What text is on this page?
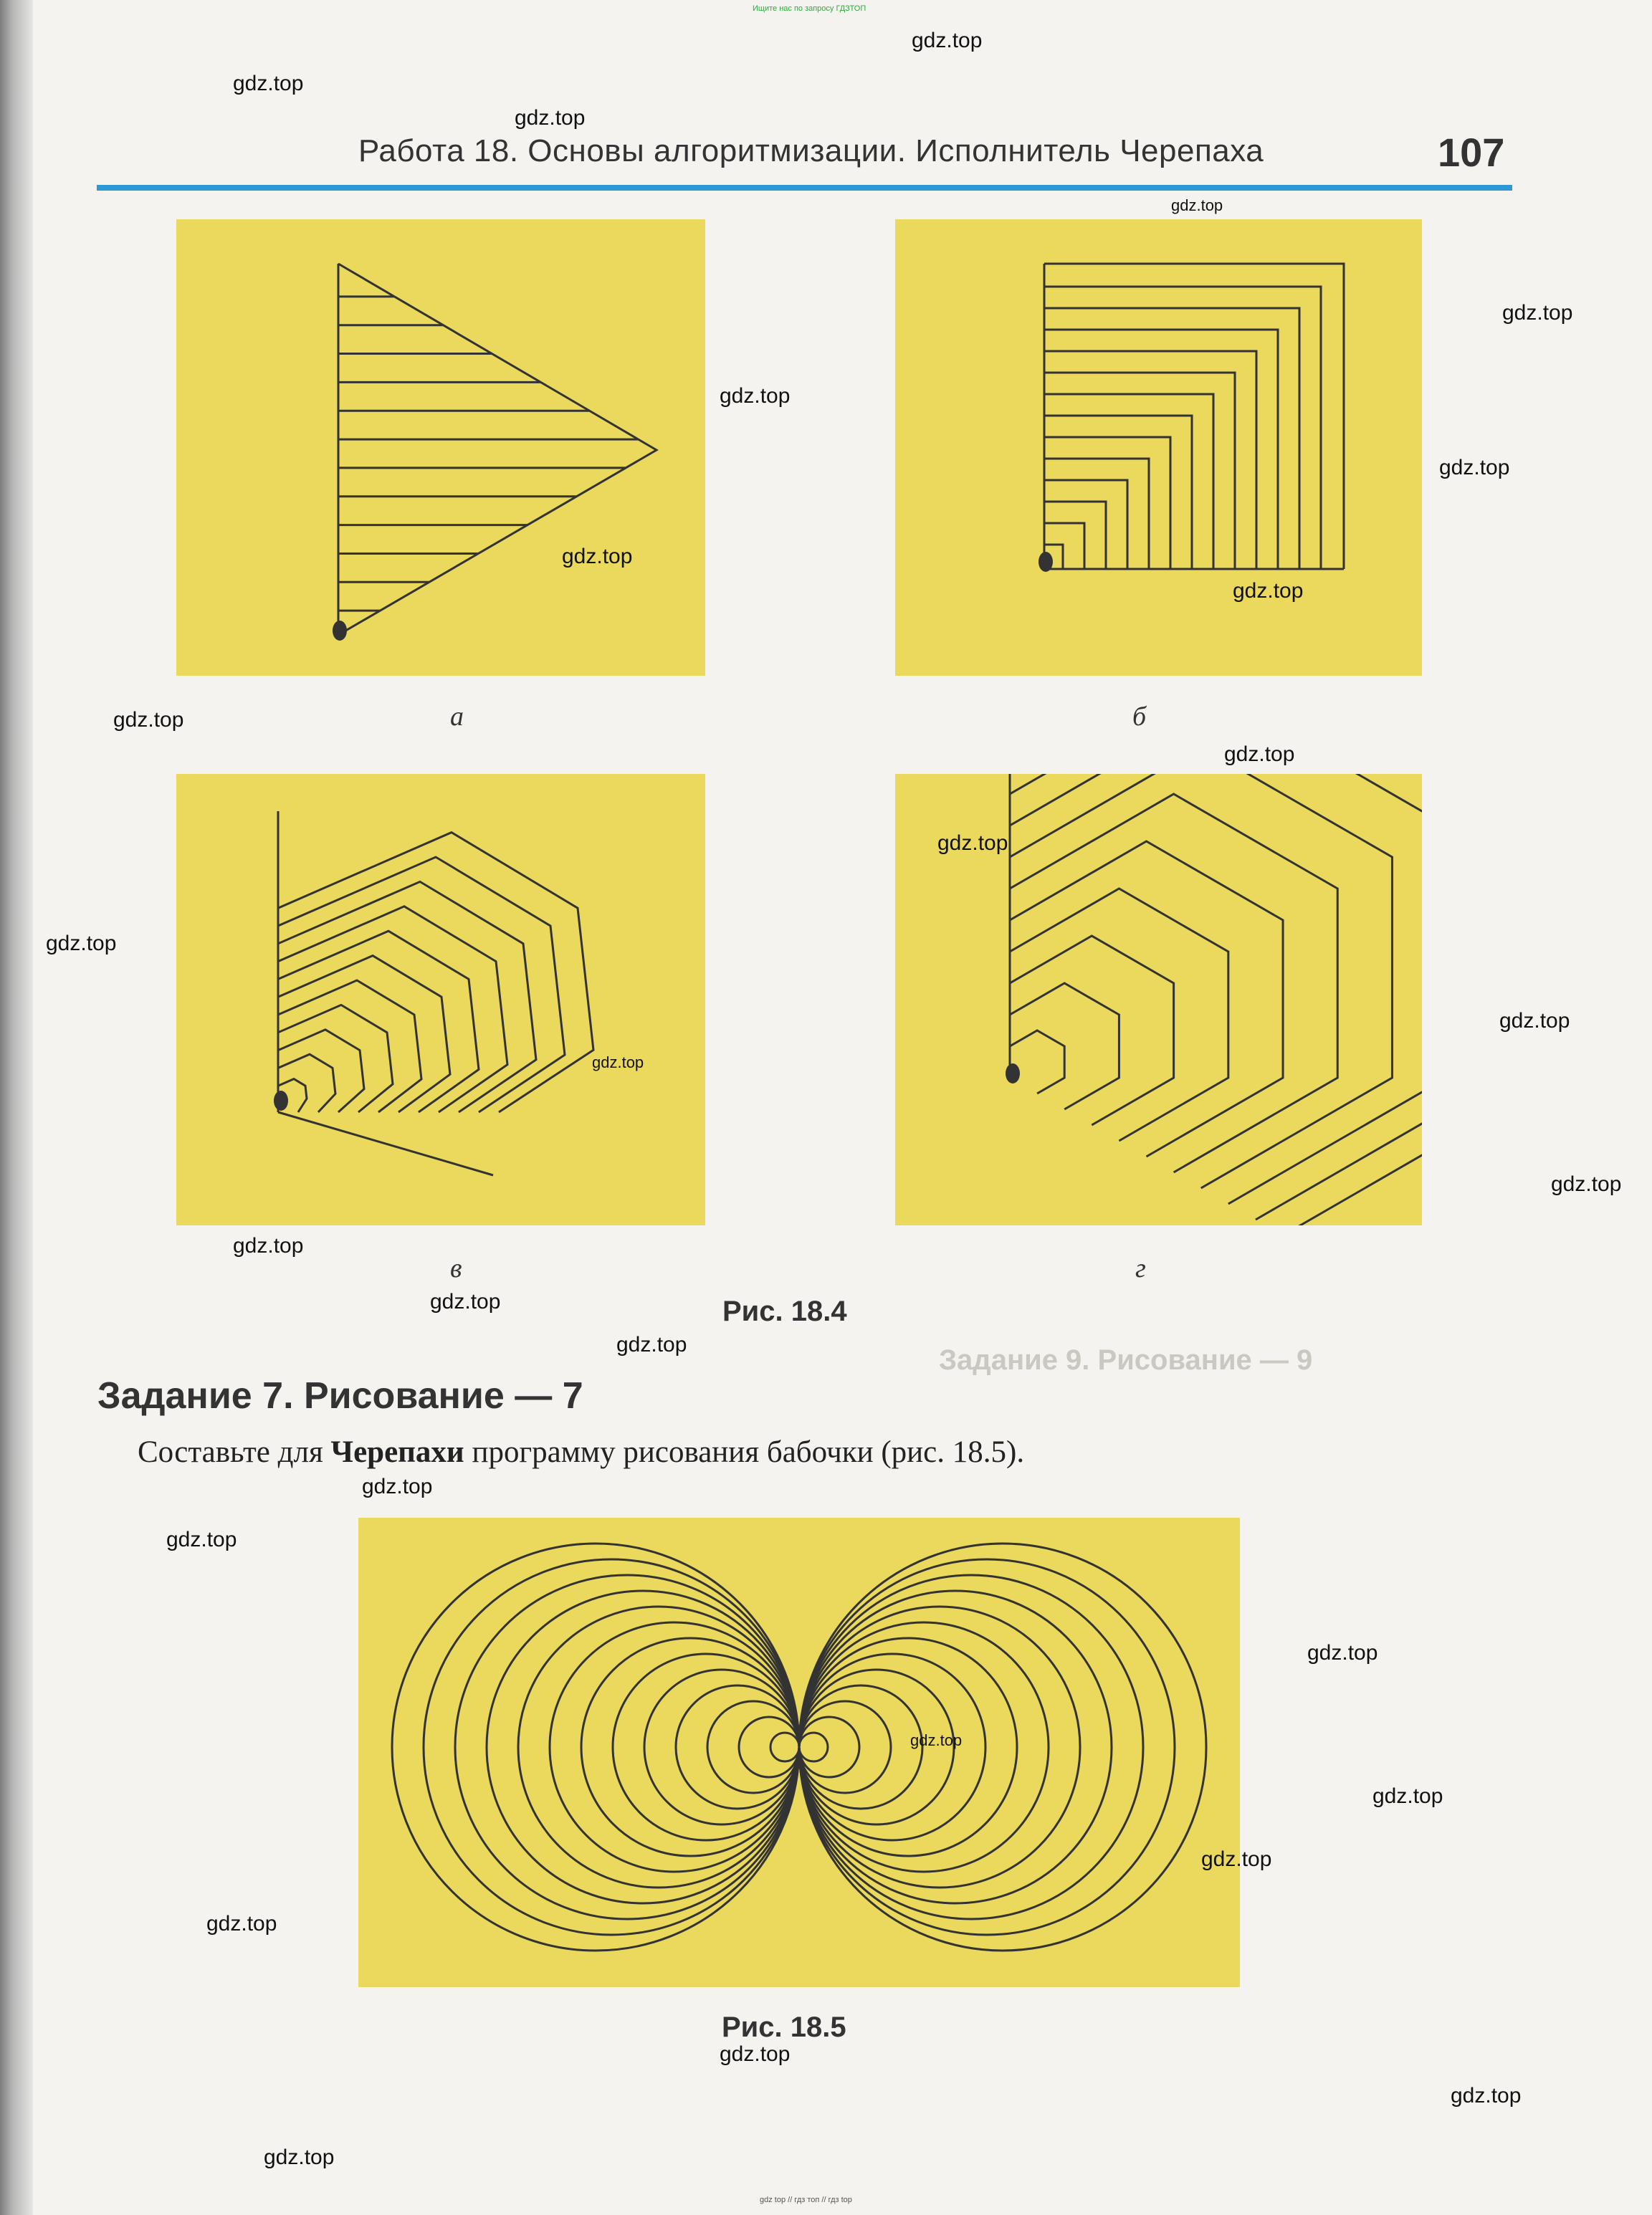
Ищите нас по запросу ГДЗТОП
Задание 9. Рисование — 9
Работа 18. Основы алгоритмизации. Исполнитель Черепаха	107
а	б
в	г
Рис. 18.4
Задание 7. Рисование — 7
Составьте для Черепахи программу рисования бабочки (рис. 18.5).
Рис. 18.5
gdz.top
gdz.top
gdz.top
gdz.top
gdz.top
gdz.top
gdz.top
gdz.top
gdz.top
gdz.top
gdz.top
gdz.top
gdz.top
gdz.top
gdz.top
gdz.top
gdz.top
gdz.top
gdz.top
gdz.top
gdz.top
gdz.top
gdz.top
gdz.top
gdz.top
gdz.top
gdz.top
gdz.top
gdz.top
gdz top // гдз топ // гдз top
